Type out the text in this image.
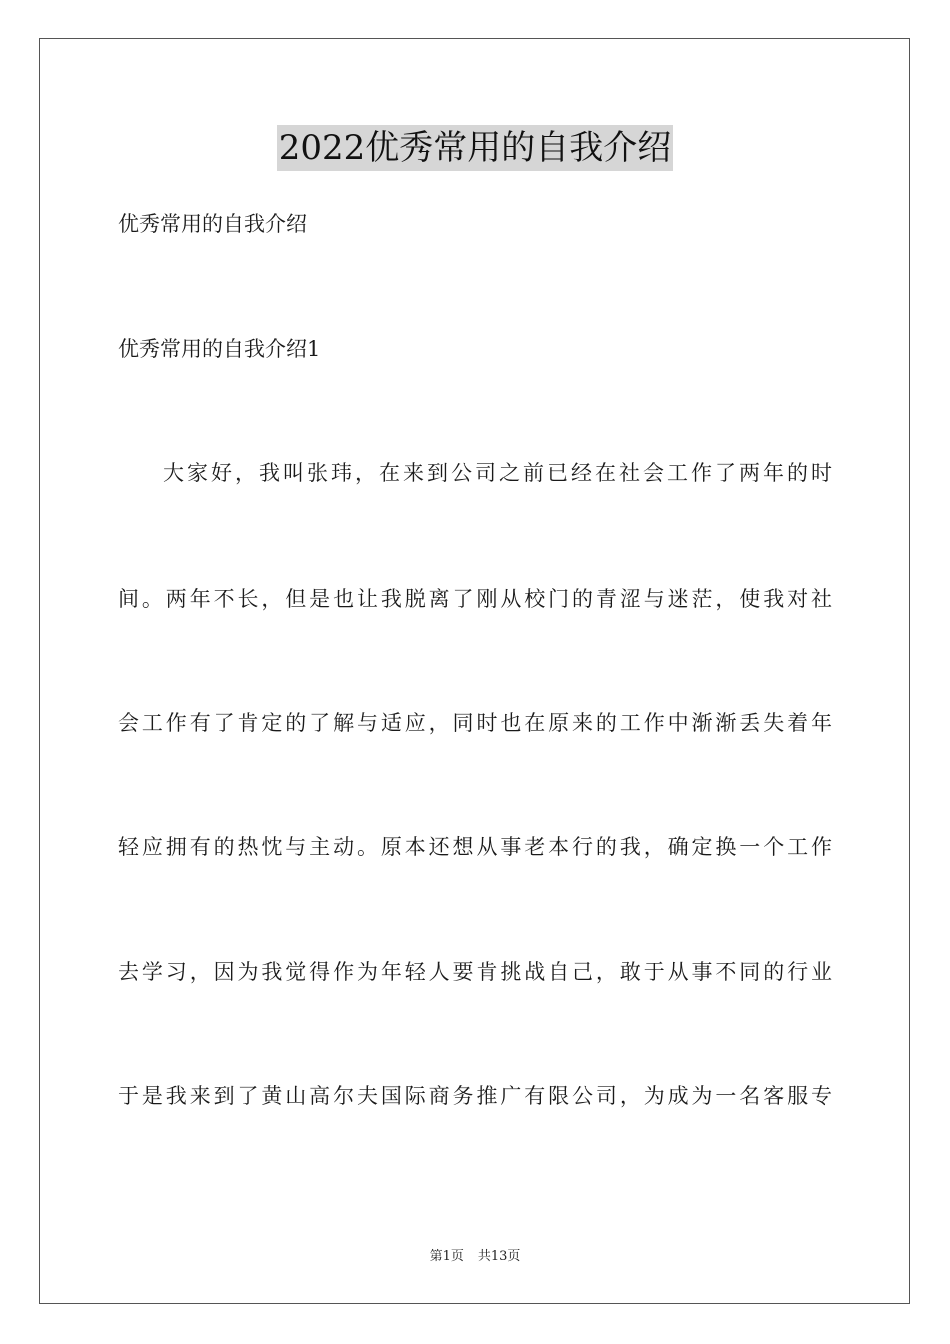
2022优秀常用的自我介绍
优秀常用的自我介绍
优秀常用的自我介绍1
大家好，我叫张玮，在来到公司之前已经在社会工作了两年的时
间。两年不长，但是也让我脱离了刚从校门的青涩与迷茫，使我对社
会工作有了肯定的了解与适应，同时也在原来的工作中渐渐丢失着年
轻应拥有的热忱与主动。原本还想从事老本行的我，确定换一个工作
去学习，因为我觉得作为年轻人要肯挑战自己，敢于从事不同的行业
于是我来到了黄山高尔夫国际商务推广有限公司，为成为一名客服专
第1页 共13页
